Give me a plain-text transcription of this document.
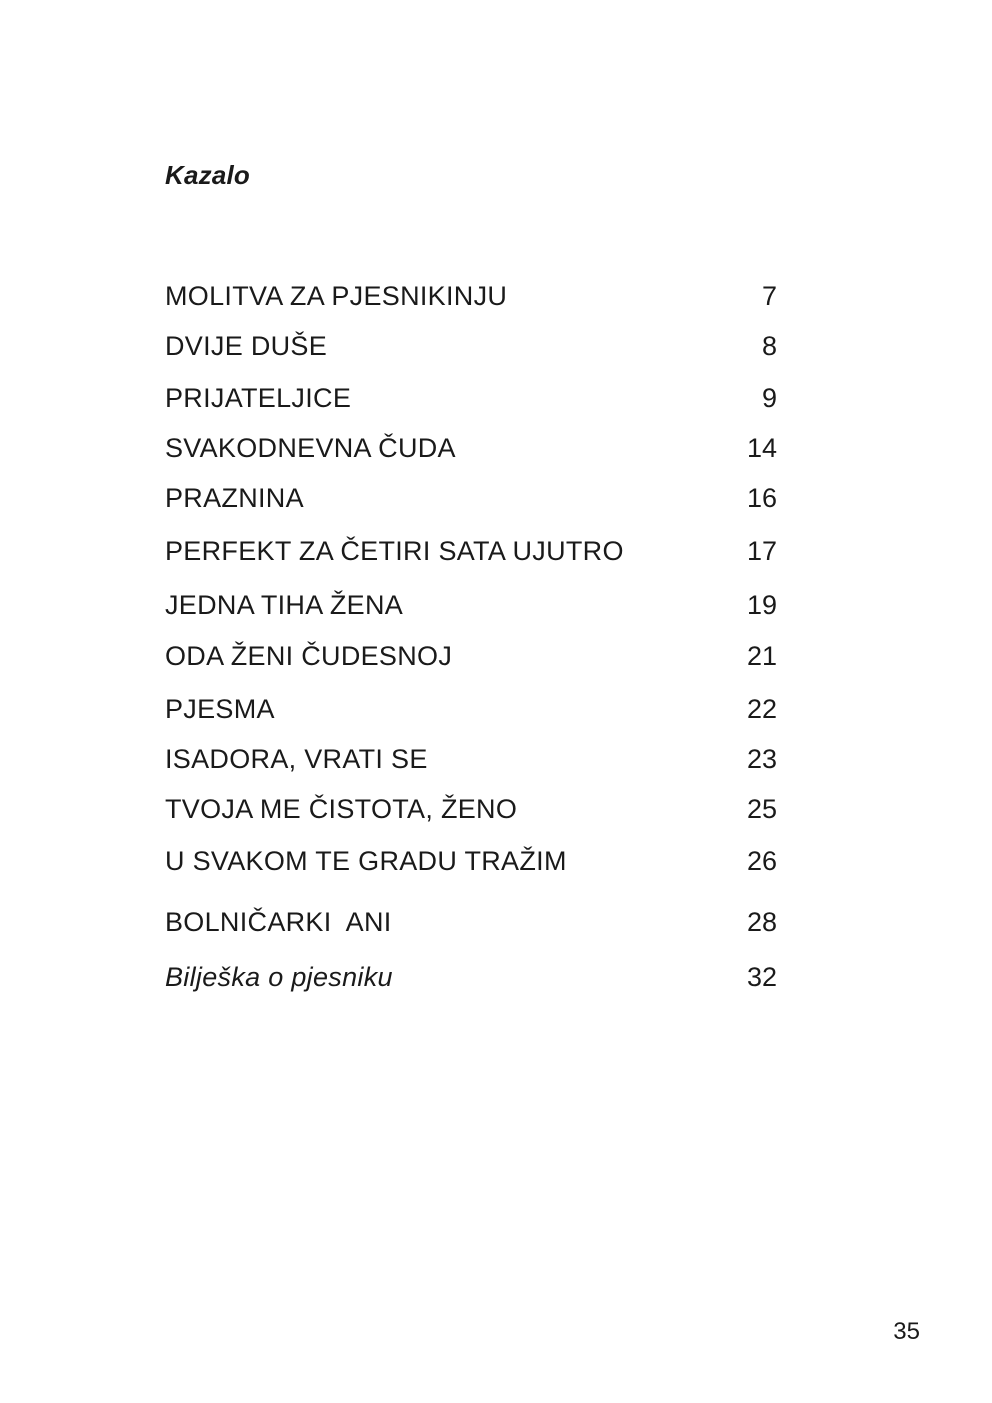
Kazalo
MOLITVA ZA PJESNIKINJU	7
DVIJE DUŠE	8
PRIJATELJICE	9
SVAKODNEVNA ČUDA	14
PRAZNINA	16
PERFEKT ZA ČETIRI SATA UJUTRO	17
JEDNA TIHA ŽENA	19
ODA ŽENI ČUDESNOJ	21
PJESMA	22
ISADORA, VRATI SE	23
TVOJA ME ČISTOTA, ŽENO	25
U SVAKOM TE GRADU TRAŽIM	26
BOLNIČARKI  ANI	28
Bilješka o pjesniku	32
35
